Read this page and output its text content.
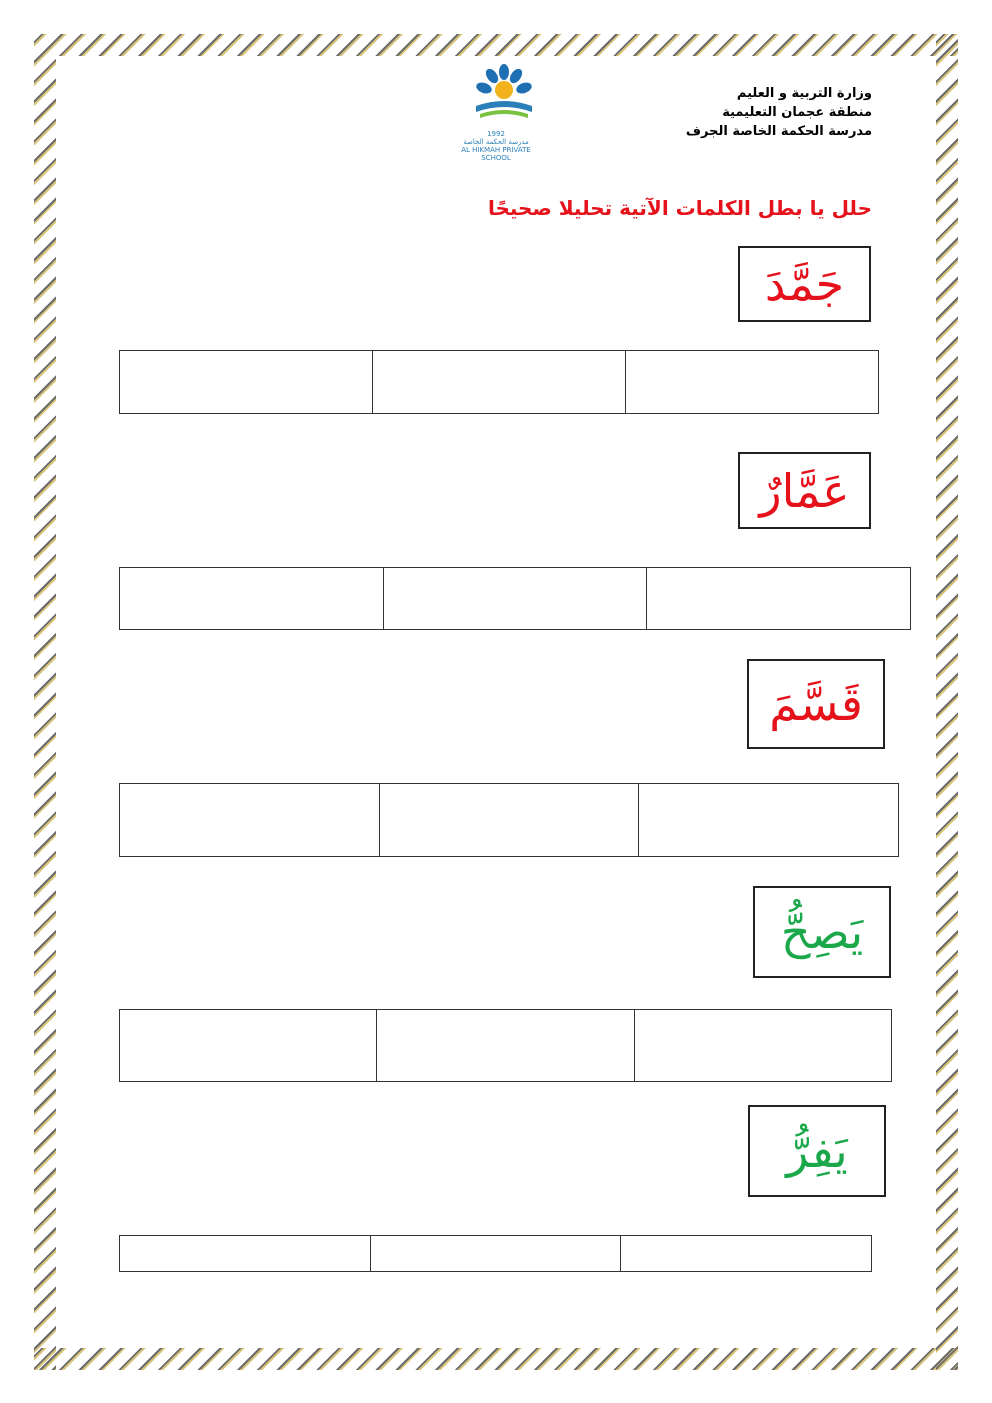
وزارة التربية و العليم
منطقة عجمان التعليمية
مدرسة الحكمة الخاصة الجرف
1992
مدرسة الحكمة الخاصة
AL HIKMAH PRIVATE SCHOOL
حلل يا بطل الكلمات الآتية تحليلا صحيحًا
جَمَّدَ
عَمَّارٌ
قَسَّمَ
يَصِحُّ
يَفِرُّ
